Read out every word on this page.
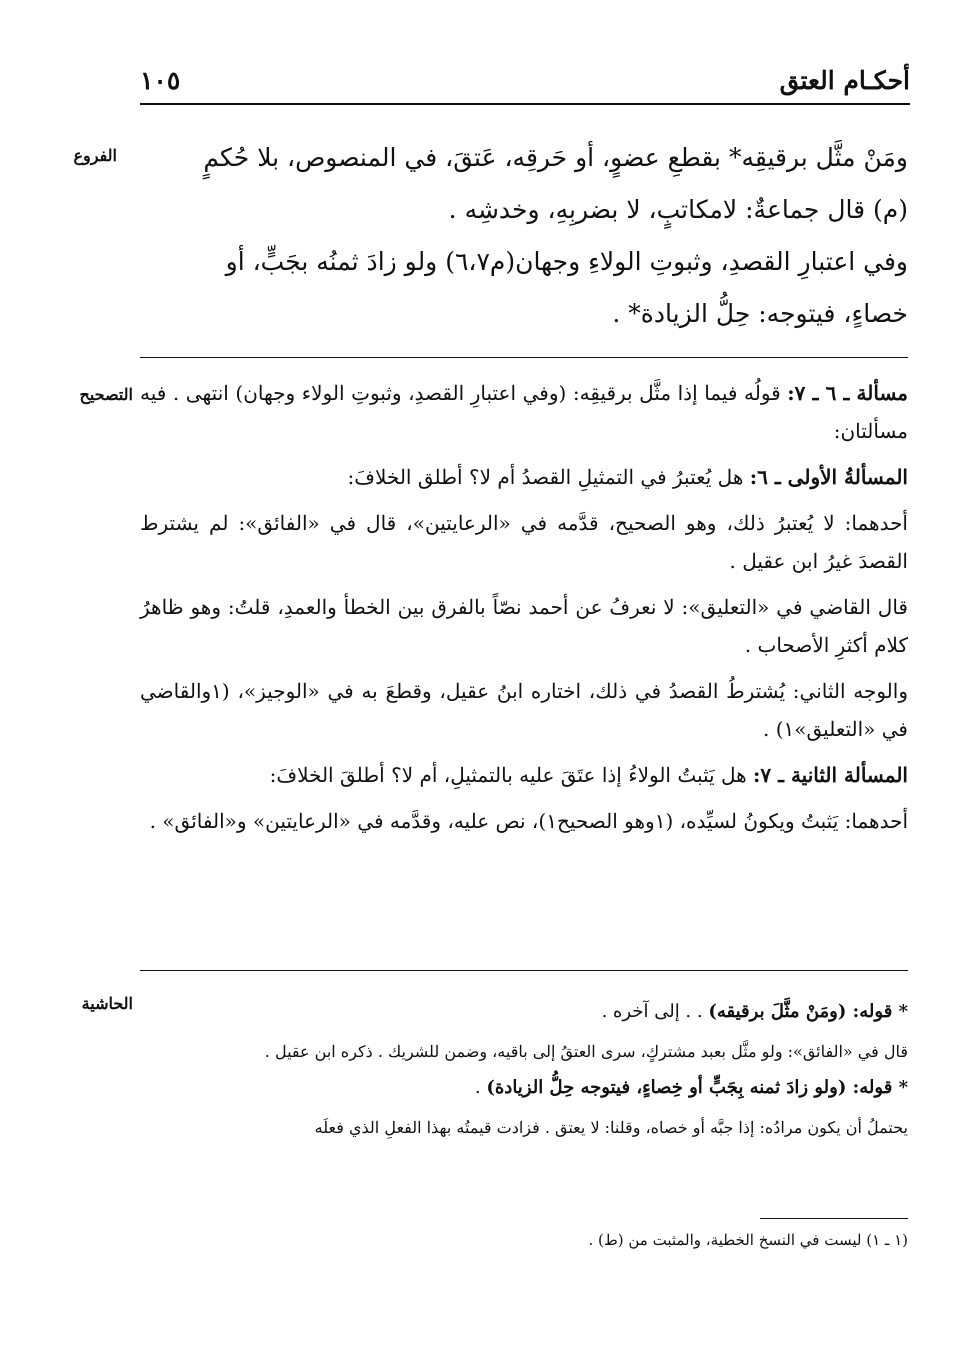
أحكـام العتق
١٠٥
الفروع	ومَنْ مثَّل برقيقِه* بقطعِ عضوٍ، أو حَرقِه، عَتقَ، في المنصوص، بلا حُكمٍ

(م) قال جماعةٌ: لامكاتبٍ، لا بضربِهِ، وخدشِه .

وفي اعتبارِ القصدِ، وثبوتِ الولاءِ وجهان(م٦،٧) ولو زادَ ثمنُه بجَبٍّ، أو

خصاءٍ، فيتوجه: حِلُّ الزيادة* .

التصحيح	مسألة ـ ٦ ـ ٧: قولُه فيما إذا مثَّل برقيقِه: (وفي اعتبارِ القصدِ، وثبوتِ الولاء وجهان) انتهى . فيه مسألتان:

المسألةُ الأولى ـ ٦: هل يُعتبرُ في التمثيلِ القصدُ أم لا؟ أطلق الخلافَ:

أحدهما: لا يُعتبرُ ذلك، وهو الصحيح، قدَّمه في «الرعايتين»، قال في «الفائق»: لم يشترط القصدَ غيرُ ابن عقيل .

قال القاضي في «التعليق»: لا نعرفُ عن أحمد نصّاً بالفرق بين الخطأ والعمدِ، قلتُ: وهو ظاهرُ كلام أكثرِ الأصحاب .

والوجه الثاني: يُشترطُ القصدُ في ذلك، اختاره ابنُ عقيل، وقطعَ به في «الوجيز»، (١والقاضي في «التعليق»١) .

المسألة الثانية ـ ٧: هل يَثبتُ الولاءُ إذا عتَقَ عليه بالتمثيلِ، أم لا؟ أطلقَ الخلافَ:

أحدهما: يَثبتُ ويكونُ لسيِّده، (١وهو الصحيح١)، نص عليه، وقدَّمه في «الرعايتين» و«الفائق» .

الحاشية	* قوله: (ومَنْ مثَّلَ برقيقه) . . إلى آخره .

قال في «الفائق»: ولو مثَّل بعبد مشتركٍ، سرى العتقُ إلى باقيه، وضمن للشريك . ذكره ابن عقيل .

* قوله: (ولو زادَ ثمنه بِجَبٍّ أو خِصاءٍ، فيتوجه حِلُّ الزيادة) .

يحتملُ أن يكون مرادُه: إذا جبَّه أو خصاه، وقلنا: لا يعتق . فزادت قيمتُه بهذا الفعلِ الذي فعلَه

(١ ـ ١) ليست في النسخ الخطية، والمثبت من (ط) .
